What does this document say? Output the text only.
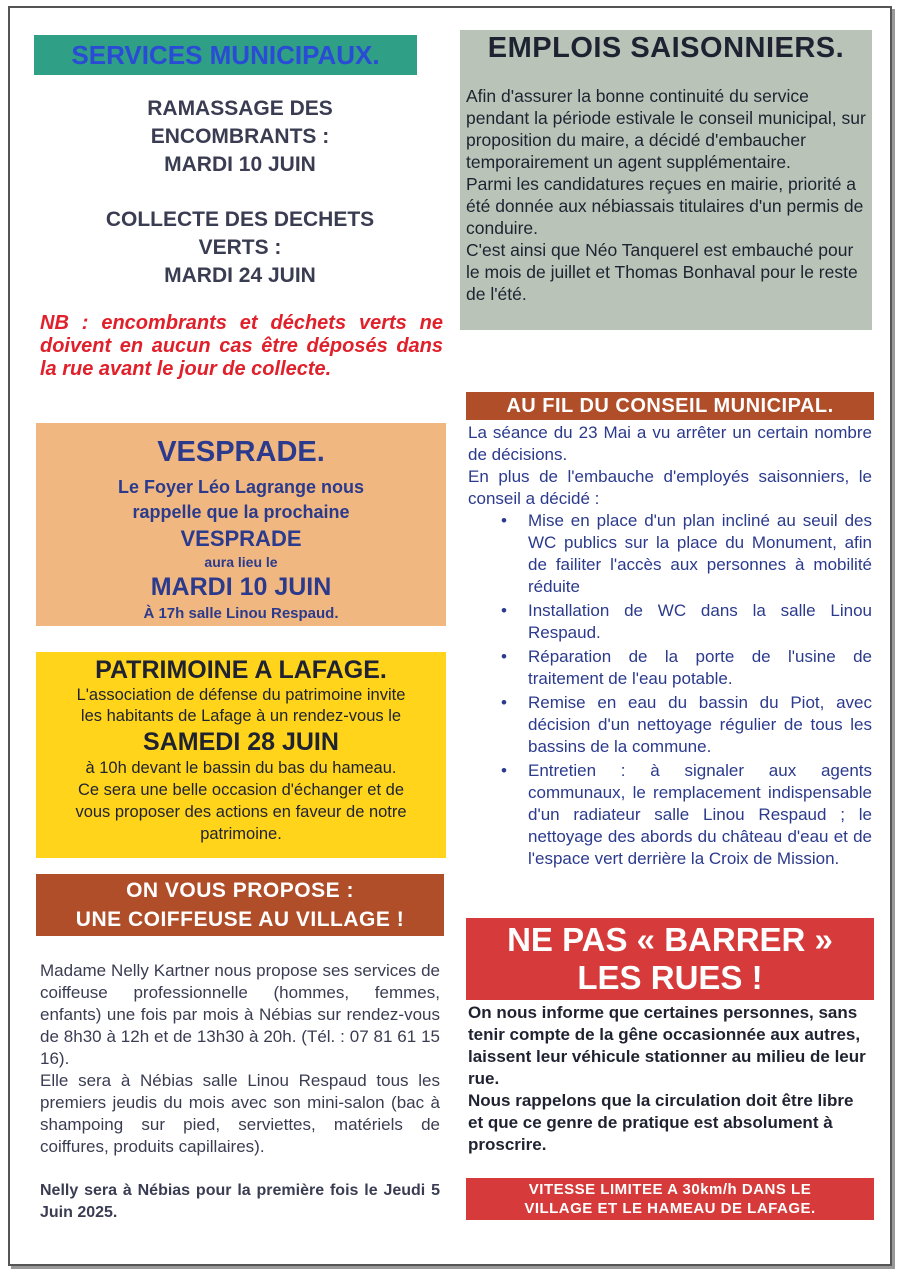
SERVICES MUNICIPAUX.
RAMASSAGE DES
ENCOMBRANTS :
MARDI 10 JUIN
COLLECTE DES DECHETS
VERTS :
MARDI 24 JUIN
NB : encombrants et déchets verts ne doivent en aucun cas être déposés dans la rue avant le jour de collecte.
VESPRADE.
Le Foyer Léo Lagrange nous
rappelle que la prochaine
VESPRADE
aura lieu le
MARDI 10 JUIN
À 17h salle Linou Respaud.
PATRIMOINE A LAFAGE.
L'association de défense du patrimoine invite
les habitants de Lafage à un rendez-vous le
SAMEDI 28 JUIN
à 10h devant le bassin du bas du hameau.
Ce sera une belle occasion d'échanger et de
vous proposer des actions en faveur de notre
patrimoine.
ON VOUS PROPOSE :
UNE COIFFEUSE AU VILLAGE !
Madame Nelly Kartner nous propose ses services de coiffeuse professionnelle (hommes, femmes, enfants) une fois par mois à Nébias sur rendez-vous de 8h30 à 12h et de 13h30 à 20h. (Tél. : 07 81 61 15 16).
Elle sera à Nébias salle Linou Respaud tous les premiers jeudis du mois avec son mini-salon (bac à shampoing sur pied, serviettes, matériels de coiffures, produits capillaires).
Nelly sera à Nébias pour la première fois le Jeudi 5 Juin 2025.
EMPLOIS SAISONNIERS.

Afin d'assurer la bonne continuité du service pendant la période estivale le conseil municipal, sur proposition du maire, a décidé d'embaucher temporairement un agent supplémentaire.

Parmi les candidatures reçues en mairie, priorité a été donnée aux nébiassais titulaires d'un permis de conduire.

C'est ainsi que Néo Tanquerel est embauché pour le mois de juillet et Thomas Bonhaval pour le reste de l'été.

AU FIL DU CONSEIL MUNICIPAL.
La séance du 23 Mai a vu arrêter un certain nombre de décisions.
En plus de l'embauche d'employés saisonniers, le conseil a décidé :
• Mise en place d'un plan incliné au seuil des WC publics sur la place du Monument, afin de failiter l'accès aux personnes à mobilité réduite
• Installation de WC dans la salle Linou Respaud.
• Réparation de la porte de l'usine de traitement de l'eau potable.
• Remise en eau du bassin du Piot, avec décision d'un nettoyage régulier de tous les bassins de la commune.
• Entretien : à signaler aux agents communaux, le remplacement indispensable d'un radiateur salle Linou Respaud ; le nettoyage des abords du château d'eau et de l'espace vert derrière la Croix de Mission.
NE PAS « BARRER »
LES RUES !
On nous informe que certaines personnes, sans tenir compte de la gêne occasionnée aux autres, laissent leur véhicule stationner au milieu de leur rue.
Nous rappelons que la circulation doit être libre et que ce genre de pratique est absolument à proscrire.
VITESSE LIMITEE A 30km/h DANS LE
VILLAGE ET LE HAMEAU DE LAFAGE.
